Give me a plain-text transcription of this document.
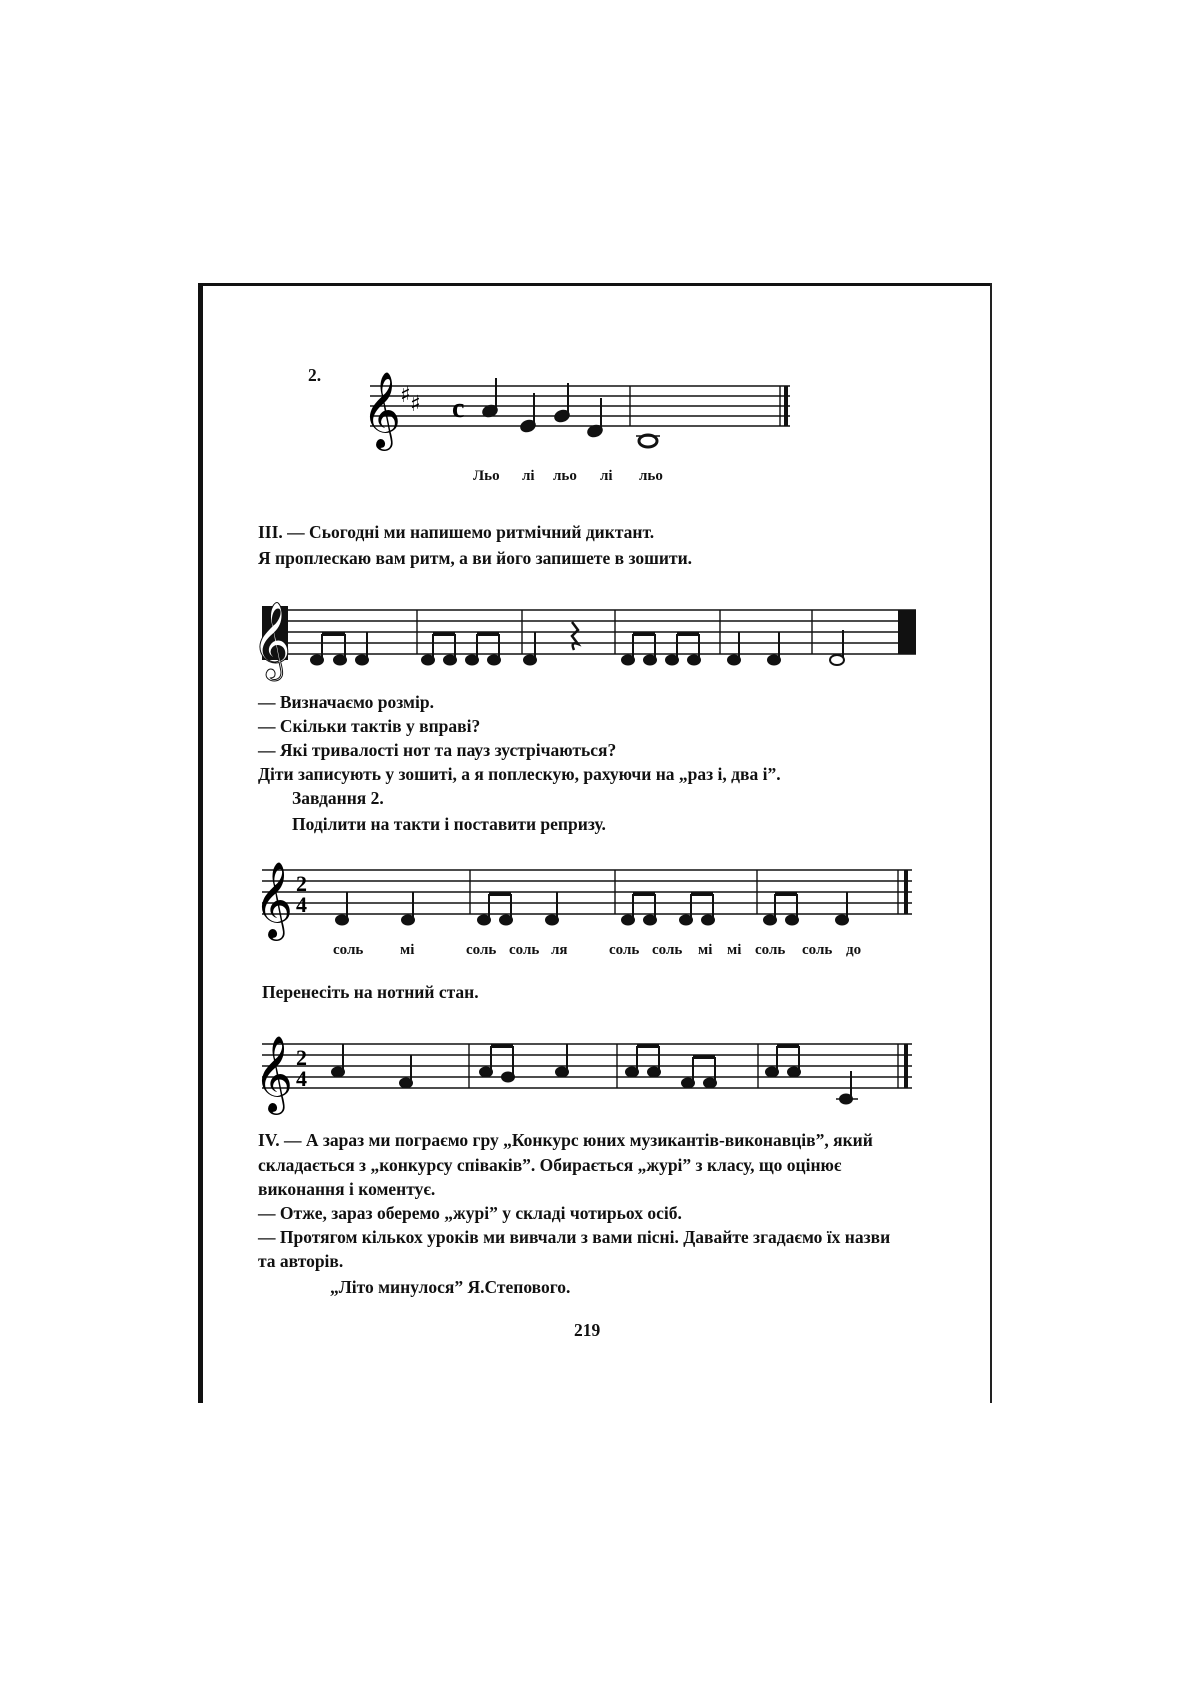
2. 𝄞
♯ ♯ c
Льо лі льо лі льо
III. — Сьогодні ми напишемо ритмічний диктант.
Я проплескаю вам ритм, а ви його запишете в зошити.
𝄞
— Визначаємо розмір.
— Скільки тактів у вправі?
— Які тривалості нот та пауз зустрічаються?
Діти записують у зошиті, а я поплескую, рахуючи на „раз і, два і”.
Завдання 2.
Поділити на такти і поставити репризу.
𝄞 2
4
соль мі	соль соль ля	соль соль мі мі соль соль до
Перенесіть на нотний стан.
𝄞 2
4
IV. — А зараз ми пограємо гру „Конкурс юних музикантів-виконавців”, який
складається з „конкурсу співаків”. Обирається „журі” з класу, що оцінює
виконання і коментує.
— Отже, зараз оберемо „журі” у складі чотирьох осіб.
— Протягом кількох уроків ми вивчали з вами пісні. Давайте згадаємо їх назви
та авторів.
„Літо минулося” Я.Степового.
219
